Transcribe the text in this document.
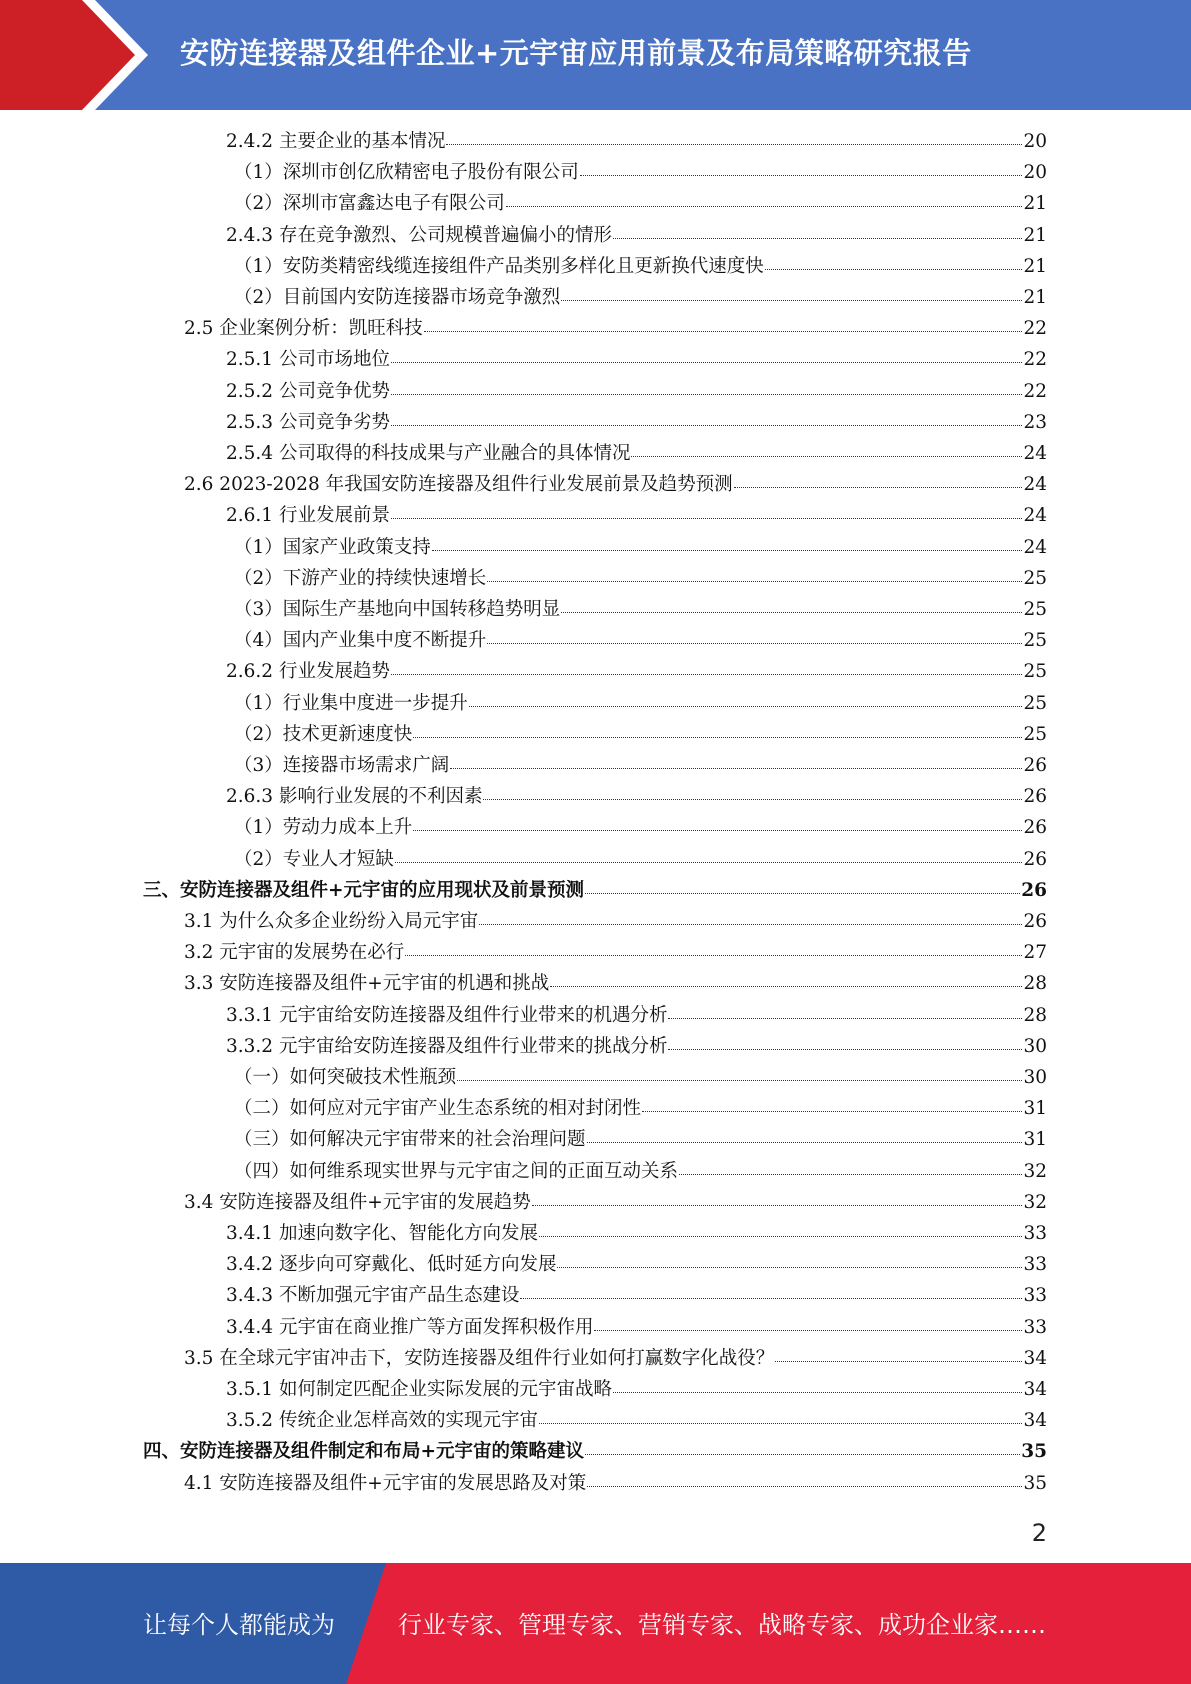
安防连接器及组件企业+元宇宙应用前景及布局策略研究报告
2.4.2 主要企业的基本情况	20
（1）深圳市创亿欣精密电子股份有限公司	20
（2）深圳市富鑫达电子有限公司	21
2.4.3 存在竞争激烈、公司规模普遍偏小的情形	21
（1）安防类精密线缆连接组件产品类别多样化且更新换代速度快	21
（2）目前国内安防连接器市场竞争激烈	21
2.5 企业案例分析：凯旺科技	22
2.5.1 公司市场地位	22
2.5.2 公司竞争优势	22
2.5.3 公司竞争劣势	23
2.5.4 公司取得的科技成果与产业融合的具体情况	24
2.6 2023-2028 年我国安防连接器及组件行业发展前景及趋势预测	24
2.6.1 行业发展前景	24
（1）国家产业政策支持	24
（2）下游产业的持续快速增长	25
（3）国际生产基地向中国转移趋势明显	25
（4）国内产业集中度不断提升	25
2.6.2 行业发展趋势	25
（1）行业集中度进一步提升	25
（2）技术更新速度快	25
（3）连接器市场需求广阔	26
2.6.3 影响行业发展的不利因素	26
（1）劳动力成本上升	26
（2）专业人才短缺	26
三、安防连接器及组件+元宇宙的应用现状及前景预测	26
3.1 为什么众多企业纷纷入局元宇宙	26
3.2 元宇宙的发展势在必行	27
3.3 安防连接器及组件+元宇宙的机遇和挑战	28
3.3.1 元宇宙给安防连接器及组件行业带来的机遇分析	28
3.3.2 元宇宙给安防连接器及组件行业带来的挑战分析	30
（一）如何突破技术性瓶颈	30
（二）如何应对元宇宙产业生态系统的相对封闭性	31
（三）如何解决元宇宙带来的社会治理问题	31
（四）如何维系现实世界与元宇宙之间的正面互动关系	32
3.4 安防连接器及组件+元宇宙的发展趋势	32
3.4.1 加速向数字化、智能化方向发展	33
3.4.2 逐步向可穿戴化、低时延方向发展	33
3.4.3 不断加强元宇宙产品生态建设	33
3.4.4 元宇宙在商业推广等方面发挥积极作用	33
3.5 在全球元宇宙冲击下，安防连接器及组件行业如何打赢数字化战役？	34
3.5.1 如何制定匹配企业实际发展的元宇宙战略	34
3.5.2 传统企业怎样高效的实现元宇宙	34
四、安防连接器及组件制定和布局+元宇宙的策略建议	35
4.1 安防连接器及组件+元宇宙的发展思路及对策	35
2
让每个人都能成为	行业专家、管理专家、营销专家、战略专家、成功企业家……
